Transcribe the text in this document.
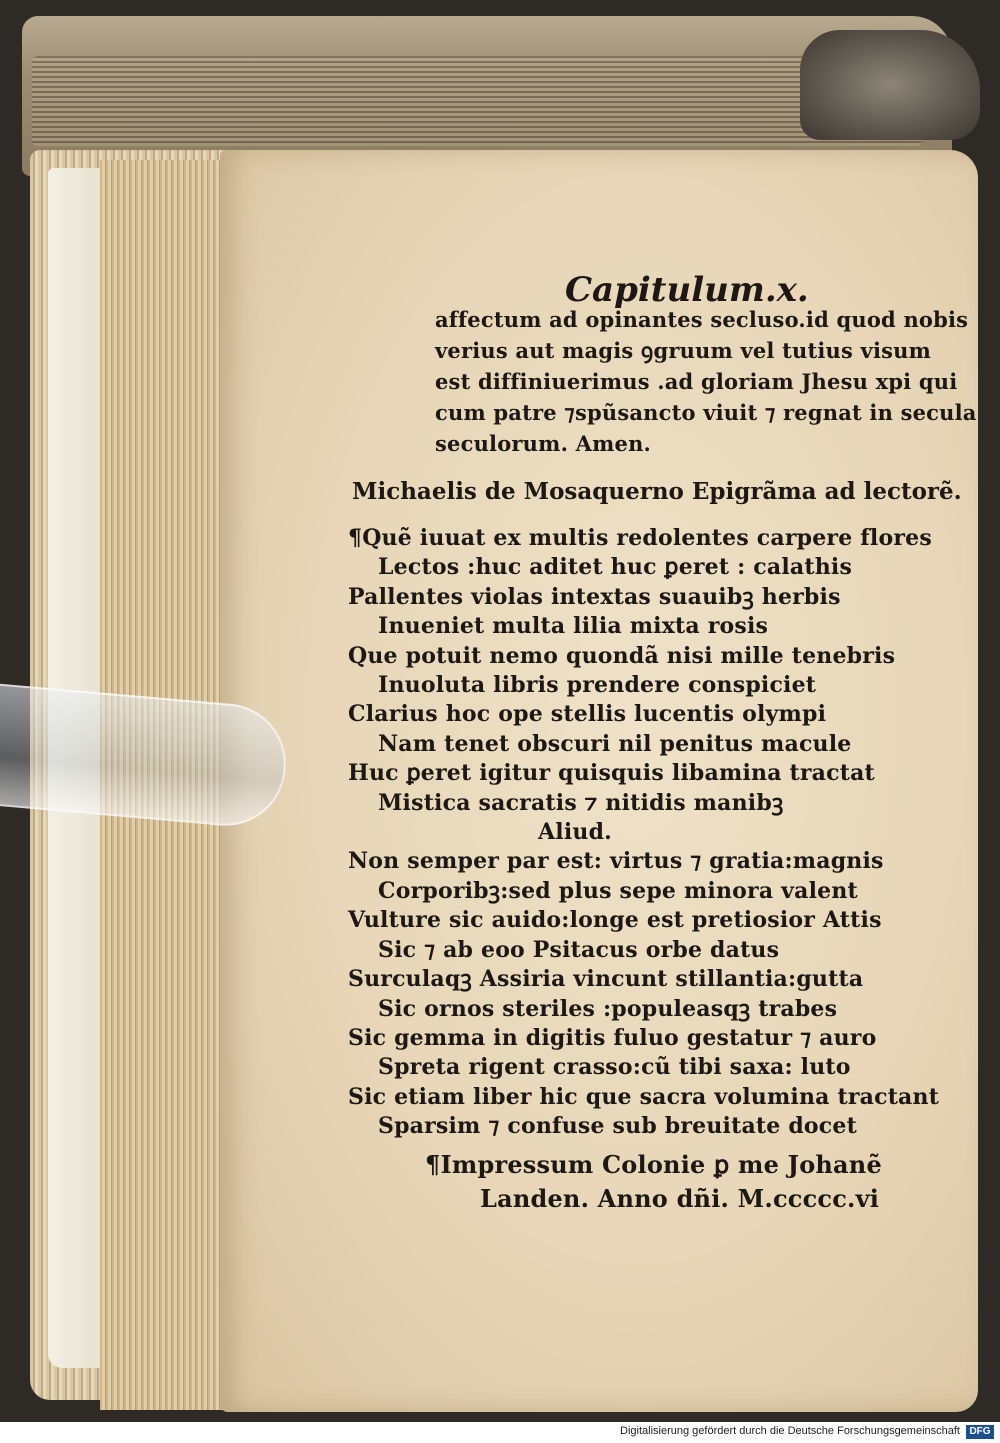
Capitulum.x.
affectum ad opinantes secluso.id quod nobis
verius aut magis ꝯgruum vel tutius visum
est diffiniuerimus .ad gloriam Jhesu xpi qui
cum patre ⁊spũsancto viuit ⁊ regnat in secula
seculorum. Amen.
Michaelis de Mosaquerno Epigrãma ad lectorẽ.
¶Quẽ iuuat ex multis redolentes carpere flores
Lectos :huc aditet huc ꝑeret : calathis
Pallentes violas intextas suauibꝫ herbis
Inueniet multa lilia mixta rosis
Que potuit nemo quondã nisi mille tenebris
Inuoluta libris prendere conspiciet
Clarius hoc ope stellis lucentis olympi
Nam tenet obscuri nil penitus macule
Huc ꝑeret igitur quisquis libamina tractat
Mistica sacratis ⁊ nitidis manibꝫ
Aliud.
Non semper par est: virtus ⁊ gratia:magnis
Corporibꝫ:sed plus sepe minora valent
Vulture sic auido:longe est pretiosior Attis
Sic ⁊ ab eoo Psitacus orbe datus
Surculaqꝫ Assiria vincunt stillantia:gutta
Sic ornos steriles :populeasqꝫ trabes
Sic gemma in digitis fuluo gestatur ⁊ auro
Spreta rigent crasso:cũ tibi saxa: luto
Sic etiam liber hic que sacra volumina tractant
Sparsim ⁊ confuse sub breuitate docet
¶Impressum Colonie ꝑ me Johanẽ
Landen. Anno dñi. M.ccccc.vi
Digitalisierung gefördert durch die Deutsche Forschungsgemeinschaft DFG
